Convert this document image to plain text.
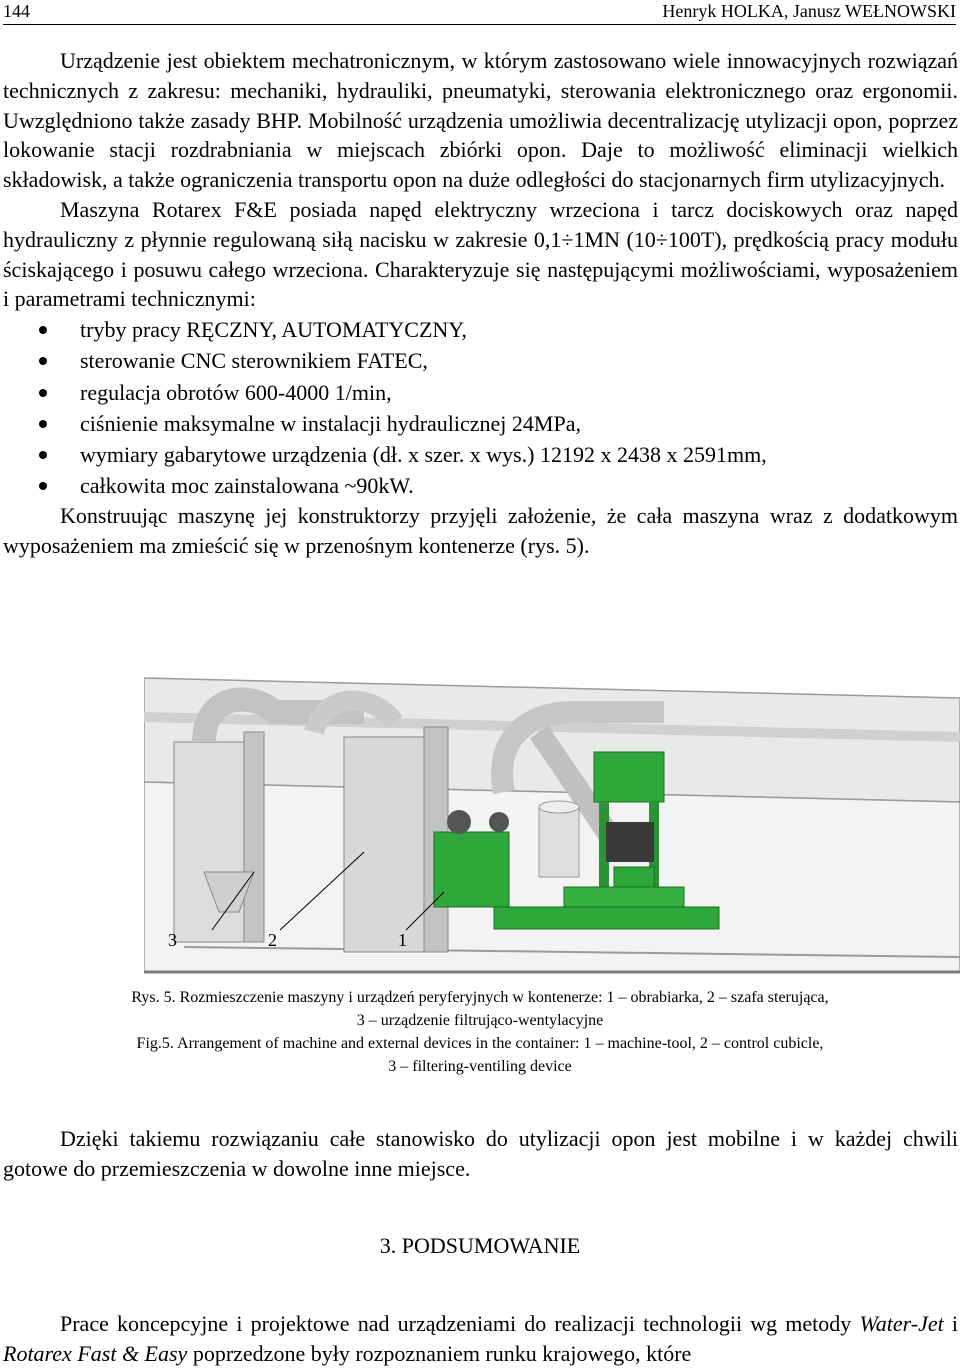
144	Henryk HOLKA, Janusz WEŁNOWSKI

Urządzenie jest obiektem mechatronicznym, w którym zastosowano wiele innowacyjnych rozwiązań technicznych z zakresu: mechaniki, hydrauliki, pneumatyki, sterowania elektronicznego oraz ergonomii. Uwzględniono także zasady BHP. Mobilność urządzenia umożliwia decentralizację utylizacji opon, poprzez lokowanie stacji rozdrabniania w miejscach zbiórki opon. Daje to możliwość eliminacji wielkich składowisk, a także ograniczenia transportu opon na duże odległości do stacjonarnych firm utylizacyjnych.

Maszyna Rotarex F&E posiada napęd elektryczny wrzeciona i tarcz dociskowych oraz napęd hydrauliczny z płynnie regulowaną siłą nacisku w zakresie 0,1÷1MN (10÷100T), prędkością pracy modułu ściskającego i posuwu całego wrzeciona. Charakteryzuje się następującymi możliwościami, wyposażeniem i parametrami technicznymi:

tryby pracy RĘCZNY, AUTOMATYCZNY,
sterowanie CNC sterownikiem FATEC,
regulacja obrotów 600-4000 1/min,
ciśnienie maksymalne w instalacji hydraulicznej 24MPa,
wymiary gabarytowe urządzenia (dł. x szer. x wys.) 12192 x 2438 x 2591mm,
całkowita moc zainstalowana ~90kW.

Konstruując maszynę jej konstruktorzy przyjęli założenie, że cała maszyna wraz z dodatkowym wyposażeniem ma zmieścić się w przenośnym kontenerze (rys. 5).

3	2	1
Rys. 5. Rozmieszczenie maszyny i urządzeń peryferyjnych w kontenerze: 1 – obrabiarka, 2 – szafa sterująca,
3 – urządzenie filtrująco-wentylacyjne
Fig.5. Arrangement of machine and external devices in the container: 1 – machine-tool, 2 – control cubicle,
3 – filtering-ventiling device

Dzięki takiemu rozwiązaniu całe stanowisko do utylizacji opon jest mobilne i w każdej chwili gotowe do przemieszczenia w dowolne inne miejsce.

3. PODSUMOWANIE

Prace koncepcyjne i projektowe nad urządzeniami do realizacji technologii wg metody Water-Jet i Rotarex Fast & Easy poprzedzone były rozpoznaniem runku krajowego, które
